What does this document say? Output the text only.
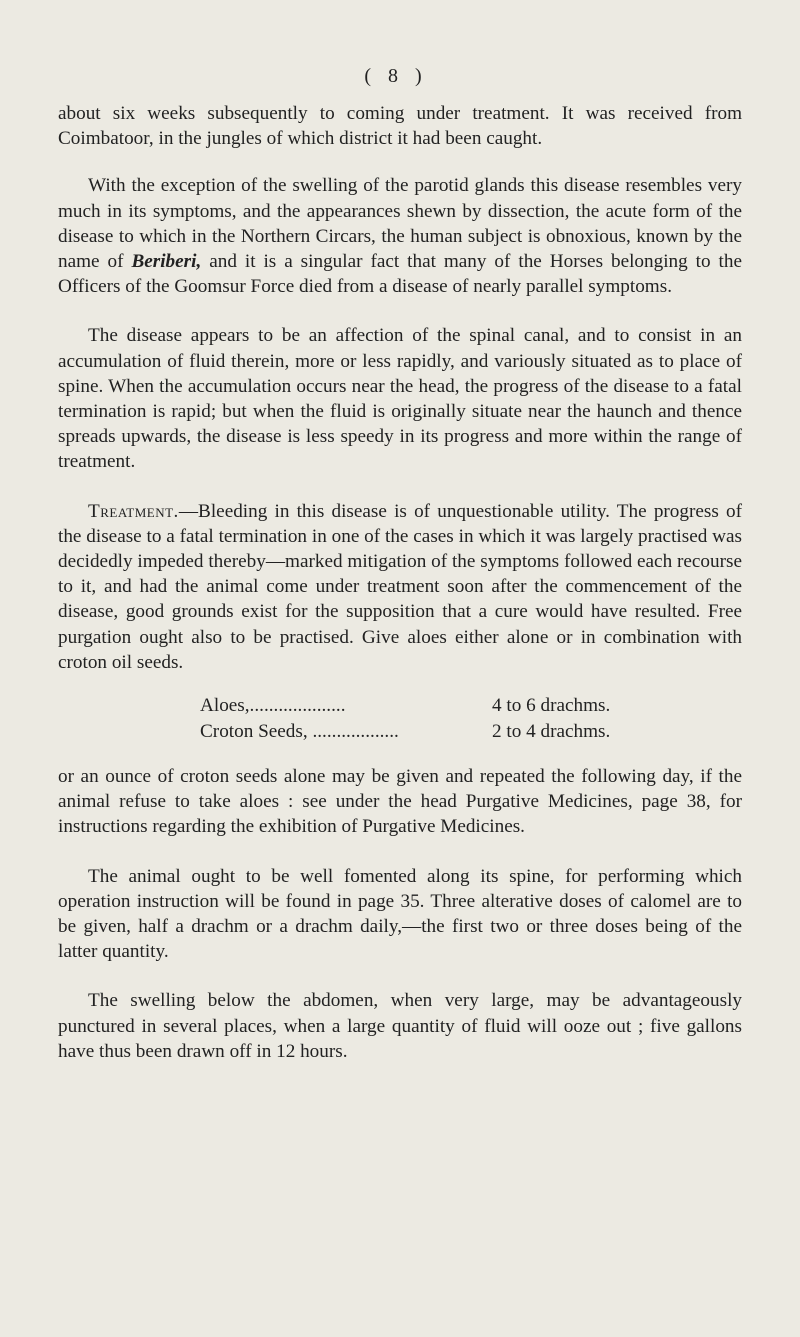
( 8 )

about six weeks subsequently to coming under treatment. It was received from Coimbatoor, in the jungles of which district it had been caught.

With the exception of the swelling of the parotid glands this disease resembles very much in its symptoms, and the appearances shewn by dissection, the acute form of the disease to which in the Northern Circars, the human subject is obnoxious, known by the name of Beriberi, and it is a singular fact that many of the Horses belonging to the Officers of the Goomsur Force died from a disease of nearly parallel symptoms.

The disease appears to be an affection of the spinal canal, and to consist in an accumulation of fluid therein, more or less rapidly, and variously situated as to place of spine. When the accumulation occurs near the head, the progress of the disease to a fatal termination is rapid; but when the fluid is originally situate near the haunch and thence spreads upwards, the disease is less speedy in its progress and more within the range of treatment.

Treatment.—Bleeding in this disease is of unquestionable utility. The progress of the disease to a fatal termination in one of the cases in which it was largely practised was decidedly impeded thereby—marked mitigation of the symptoms followed each recourse to it, and had the animal come under treatment soon after the commencement of the disease, good grounds exist for the supposition that a cure would have resulted. Free purgation ought also to be practised. Give aloes either alone or in combination with croton oil seeds.

Aloes,....................	4 to 6 drachms.
Croton Seeds, ..................	2 to 4 drachms.

or an ounce of croton seeds alone may be given and repeated the following day, if the animal refuse to take aloes : see under the head Purgative Medicines, page 38, for instructions regarding the exhibition of Purgative Medicines.

The animal ought to be well fomented along its spine, for performing which operation instruction will be found in page 35. Three alterative doses of calomel are to be given, half a drachm or a drachm daily,—the first two or three doses being of the latter quantity.

The swelling below the abdomen, when very large, may be advantageously punctured in several places, when a large quantity of fluid will ooze out ; five gallons have thus been drawn off in 12 hours.
